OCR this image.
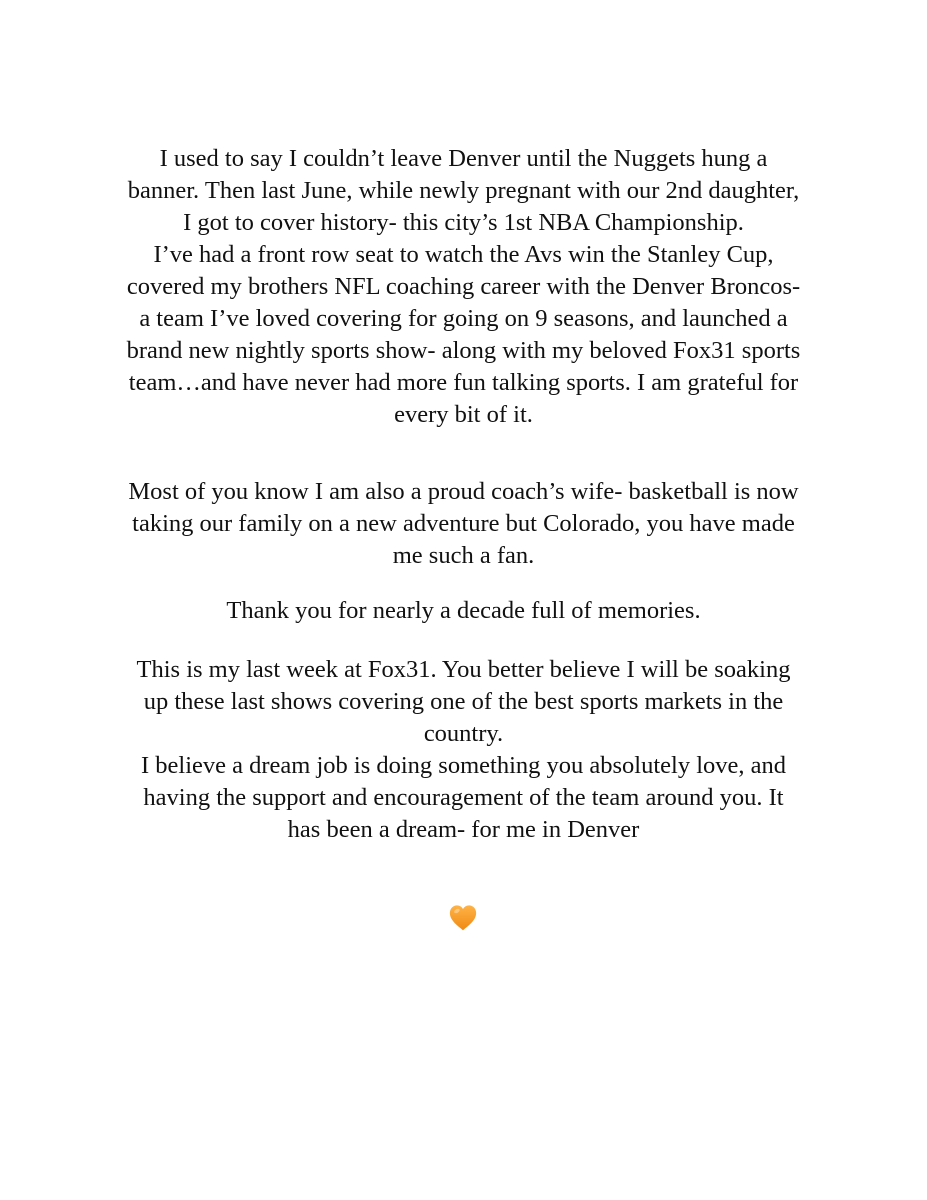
I used to say I couldn’t leave Denver until the Nuggets hung a
banner. Then last June, while newly pregnant with our 2nd daughter,
I got to cover history- this city’s 1st NBA Championship.

I’ve had a front row seat to watch the Avs win the Stanley Cup,
covered my brothers NFL coaching career with the Denver Broncos-
a team I’ve loved covering for going on 9 seasons, and launched a
brand new nightly sports show- along with my beloved Fox31 sports
team…and have never had more fun talking sports. I am grateful for
every bit of it.

Most of you know I am also a proud coach’s wife- basketball is now
taking our family on a new adventure but Colorado, you have made
me such a fan.

Thank you for nearly a decade full of memories.

This is my last week at Fox31. You better believe I will be soaking
up these last shows covering one of the best sports markets in the
country.
I believe a dream job is doing something you absolutely love, and
having the support and encouragement of the team around you. It
has been a dream- for me in Denver
